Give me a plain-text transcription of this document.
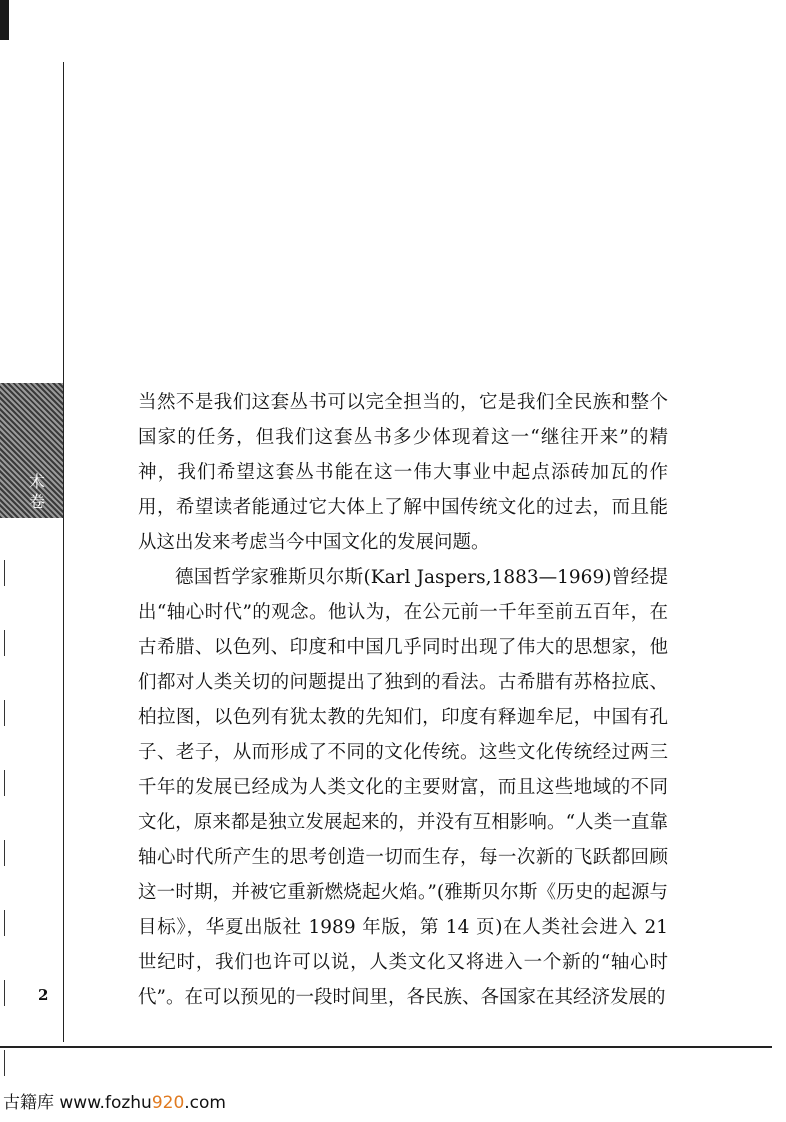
术卷

当然不是我们这套丛书可以完全担当的，它是我们全民族和整个国家的任务，但我们这套丛书多少体现着这一“继往开来”的精神，我们希望这套丛书能在这一伟大事业中起点添砖加瓦的作用，希望读者能通过它大体上了解中国传统文化的过去，而且能从这出发来考虑当今中国文化的发展问题。

德国哲学家雅斯贝尔斯(Karl Jaspers,1883—1969)曾经提出“轴心时代”的观念。他认为，在公元前一千年至前五百年，在古希腊、以色列、印度和中国几乎同时出现了伟大的思想家，他们都对人类关切的问题提出了独到的看法。古希腊有苏格拉底、柏拉图，以色列有犹太教的先知们，印度有释迦牟尼，中国有孔子、老子，从而形成了不同的文化传统。这些文化传统经过两三千年的发展已经成为人类文化的主要财富，而且这些地域的不同文化，原来都是独立发展起来的，并没有互相影响。“人类一直靠轴心时代所产生的思考创造一切而生存，每一次新的飞跃都回顾这一时期，并被它重新燃烧起火焰。”(雅斯贝尔斯《历史的起源与目标》，华夏出版社 1989 年版，第 14 页)在人类社会进入 21 世纪时，我们也许可以说，人类文化又将进入一个新的“轴心时代”。在可以预见的一段时间里，各民族、各国家在其经济发展的

2
古籍库 www.fozhu920.com
